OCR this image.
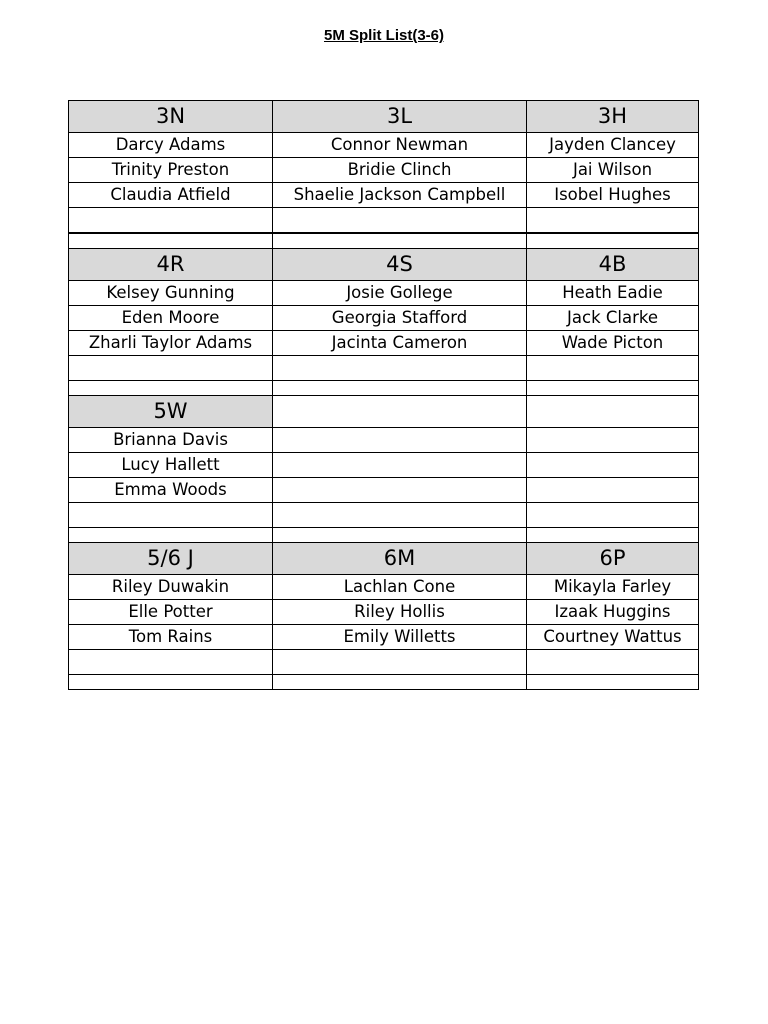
5M Split List(3-6)
3N	3L	3H
Darcy Adams	Connor Newman	Jayden Clancey
Trinity Preston	Bridie Clinch	Jai Wilson
Claudia Atfield	Shaelie Jackson Campbell	Isobel Hughes

4R	4S	4B
Kelsey Gunning	Josie Gollege	Heath Eadie
Eden Moore	Georgia Stafford	Jack Clarke
Zharli Taylor Adams	Jacinta Cameron	Wade Picton

5W		
Brianna Davis		
Lucy Hallett		
Emma Woods		

5/6 J	6M	6P
Riley Duwakin	Lachlan Cone	Mikayla Farley
Elle Potter	Riley Hollis	Izaak Huggins
Tom Rains	Emily Willetts	Courtney Wattus
